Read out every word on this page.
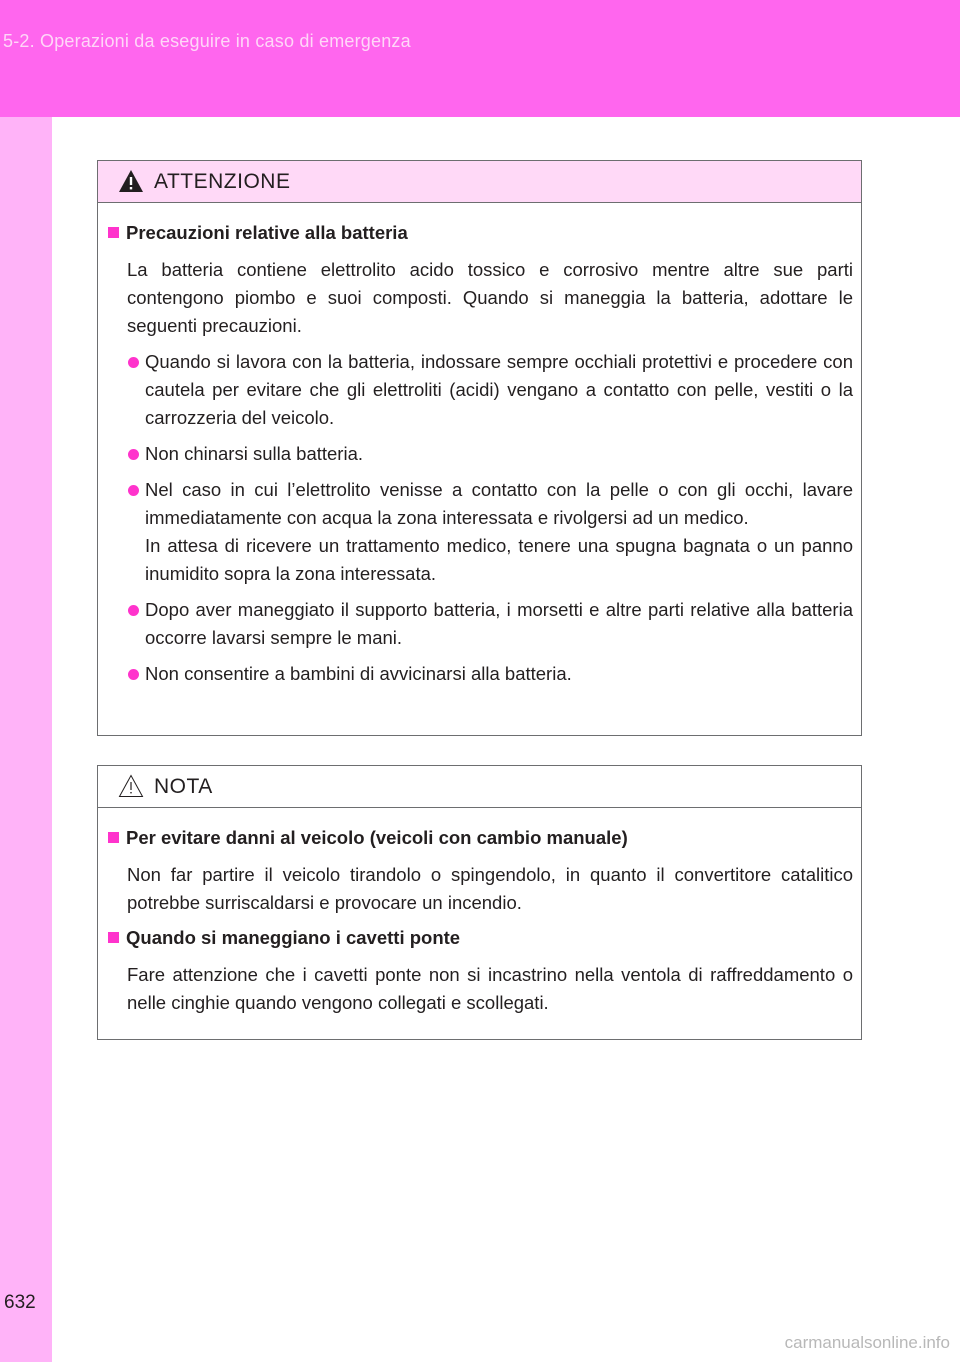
5-2. Operazioni da eseguire in caso di emergenza
632
ATTENZIONE
Precauzioni relative alla batteria
La batteria contiene elettrolito acido tossico e corrosivo mentre altre sue parti contengono piombo e suoi composti. Quando si maneggia la batteria, adottare le seguenti precauzioni.
Quando si lavora con la batteria, indossare sempre occhiali protettivi e procedere con cautela per evitare che gli elettroliti (acidi) vengano a contatto con pelle, vestiti o la carrozzeria del veicolo.
Non chinarsi sulla batteria.
Nel caso in cui l’elettrolito venisse a contatto con la pelle o con gli occhi, lavare immediatamente con acqua la zona interessata e rivolgersi ad un medico.
In attesa di ricevere un trattamento medico, tenere una spugna bagnata o un panno inumidito sopra la zona interessata.
Dopo aver maneggiato il supporto batteria, i morsetti e altre parti relative alla batteria occorre lavarsi sempre le mani.
Non consentire a bambini di avvicinarsi alla batteria.
NOTA
Per evitare danni al veicolo (veicoli con cambio manuale)
Non far partire il veicolo tirandolo o spingendolo, in quanto il convertitore catalitico potrebbe surriscaldarsi e provocare un incendio.
Quando si maneggiano i cavetti ponte
Fare attenzione che i cavetti ponte non si incastrino nella ventola di raffreddamento o nelle cinghie quando vengono collegati e scollegati.
carmanualsonline.info
